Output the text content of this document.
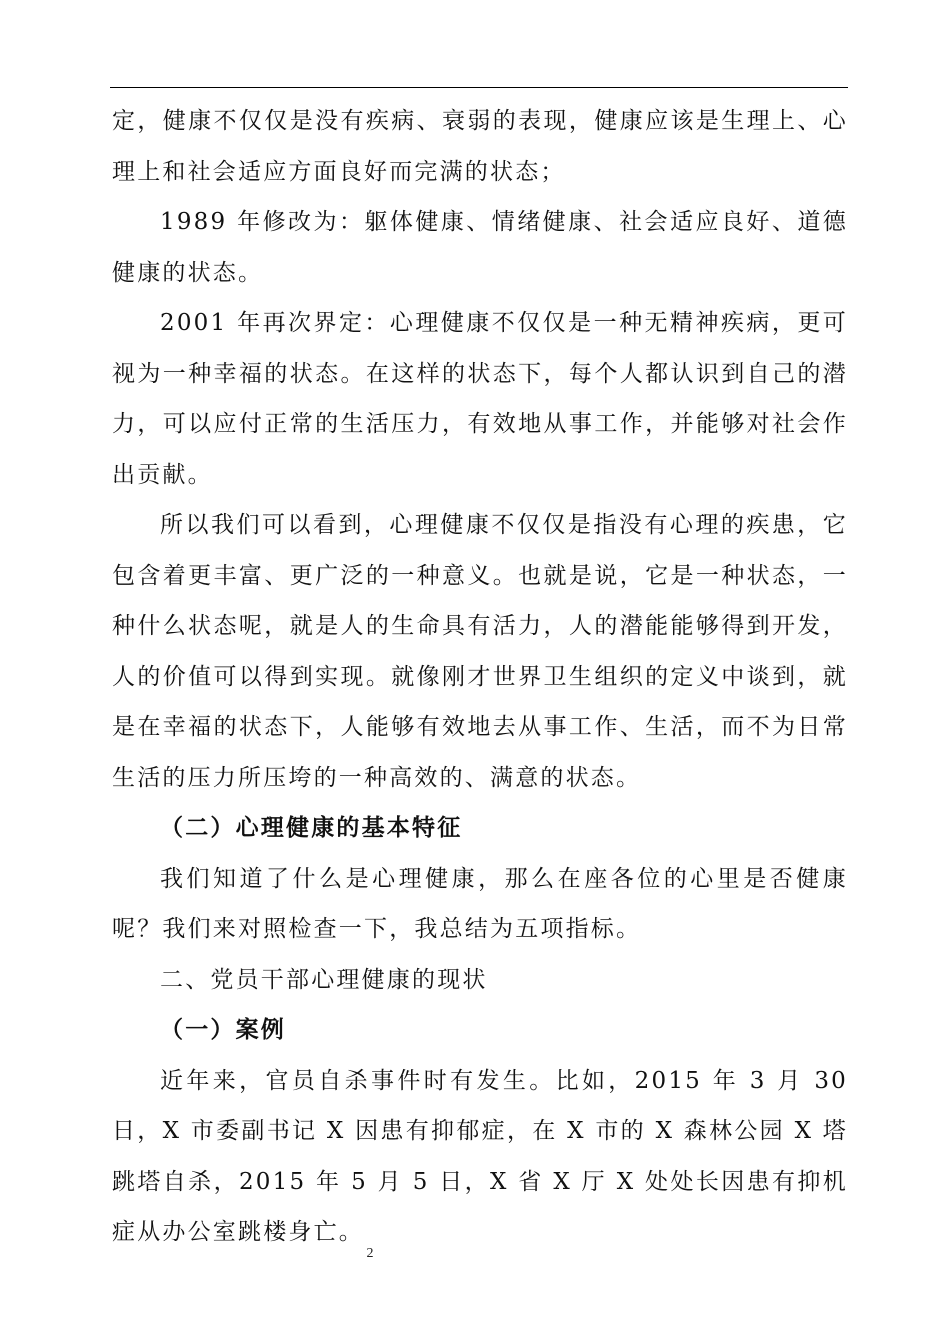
定，健康不仅仅是没有疾病、衰弱的表现，健康应该是生理上、心理上和社会适应方面良好而完满的状态；

1989 年修改为：躯体健康、情绪健康、社会适应良好、道德健康的状态。

2001 年再次界定：心理健康不仅仅是一种无精神疾病，更可视为一种幸福的状态。在这样的状态下，每个人都认识到自己的潜力，可以应付正常的生活压力，有效地从事工作，并能够对社会作出贡献。

所以我们可以看到，心理健康不仅仅是指没有心理的疾患，它包含着更丰富、更广泛的一种意义。也就是说，它是一种状态，一种什么状态呢，就是人的生命具有活力，人的潜能能够得到开发，人的价值可以得到实现。就像刚才世界卫生组织的定义中谈到，就是在幸福的状态下，人能够有效地去从事工作、生活，而不为日常生活的压力所压垮的一种高效的、满意的状态。

（二）心理健康的基本特征

我们知道了什么是心理健康，那么在座各位的心里是否健康呢？我们来对照检查一下，我总结为五项指标。

二、党员干部心理健康的现状

（一）案例

近年来，官员自杀事件时有发生。比如，2015 年 3 月 30 日，X 市委副书记 X 因患有抑郁症，在 X 市的 X 森林公园 X 塔跳塔自杀，2015 年 5 月 5 日，X 省 X 厅 X 处处长因患有抑机症从办公室跳楼身亡。

2
